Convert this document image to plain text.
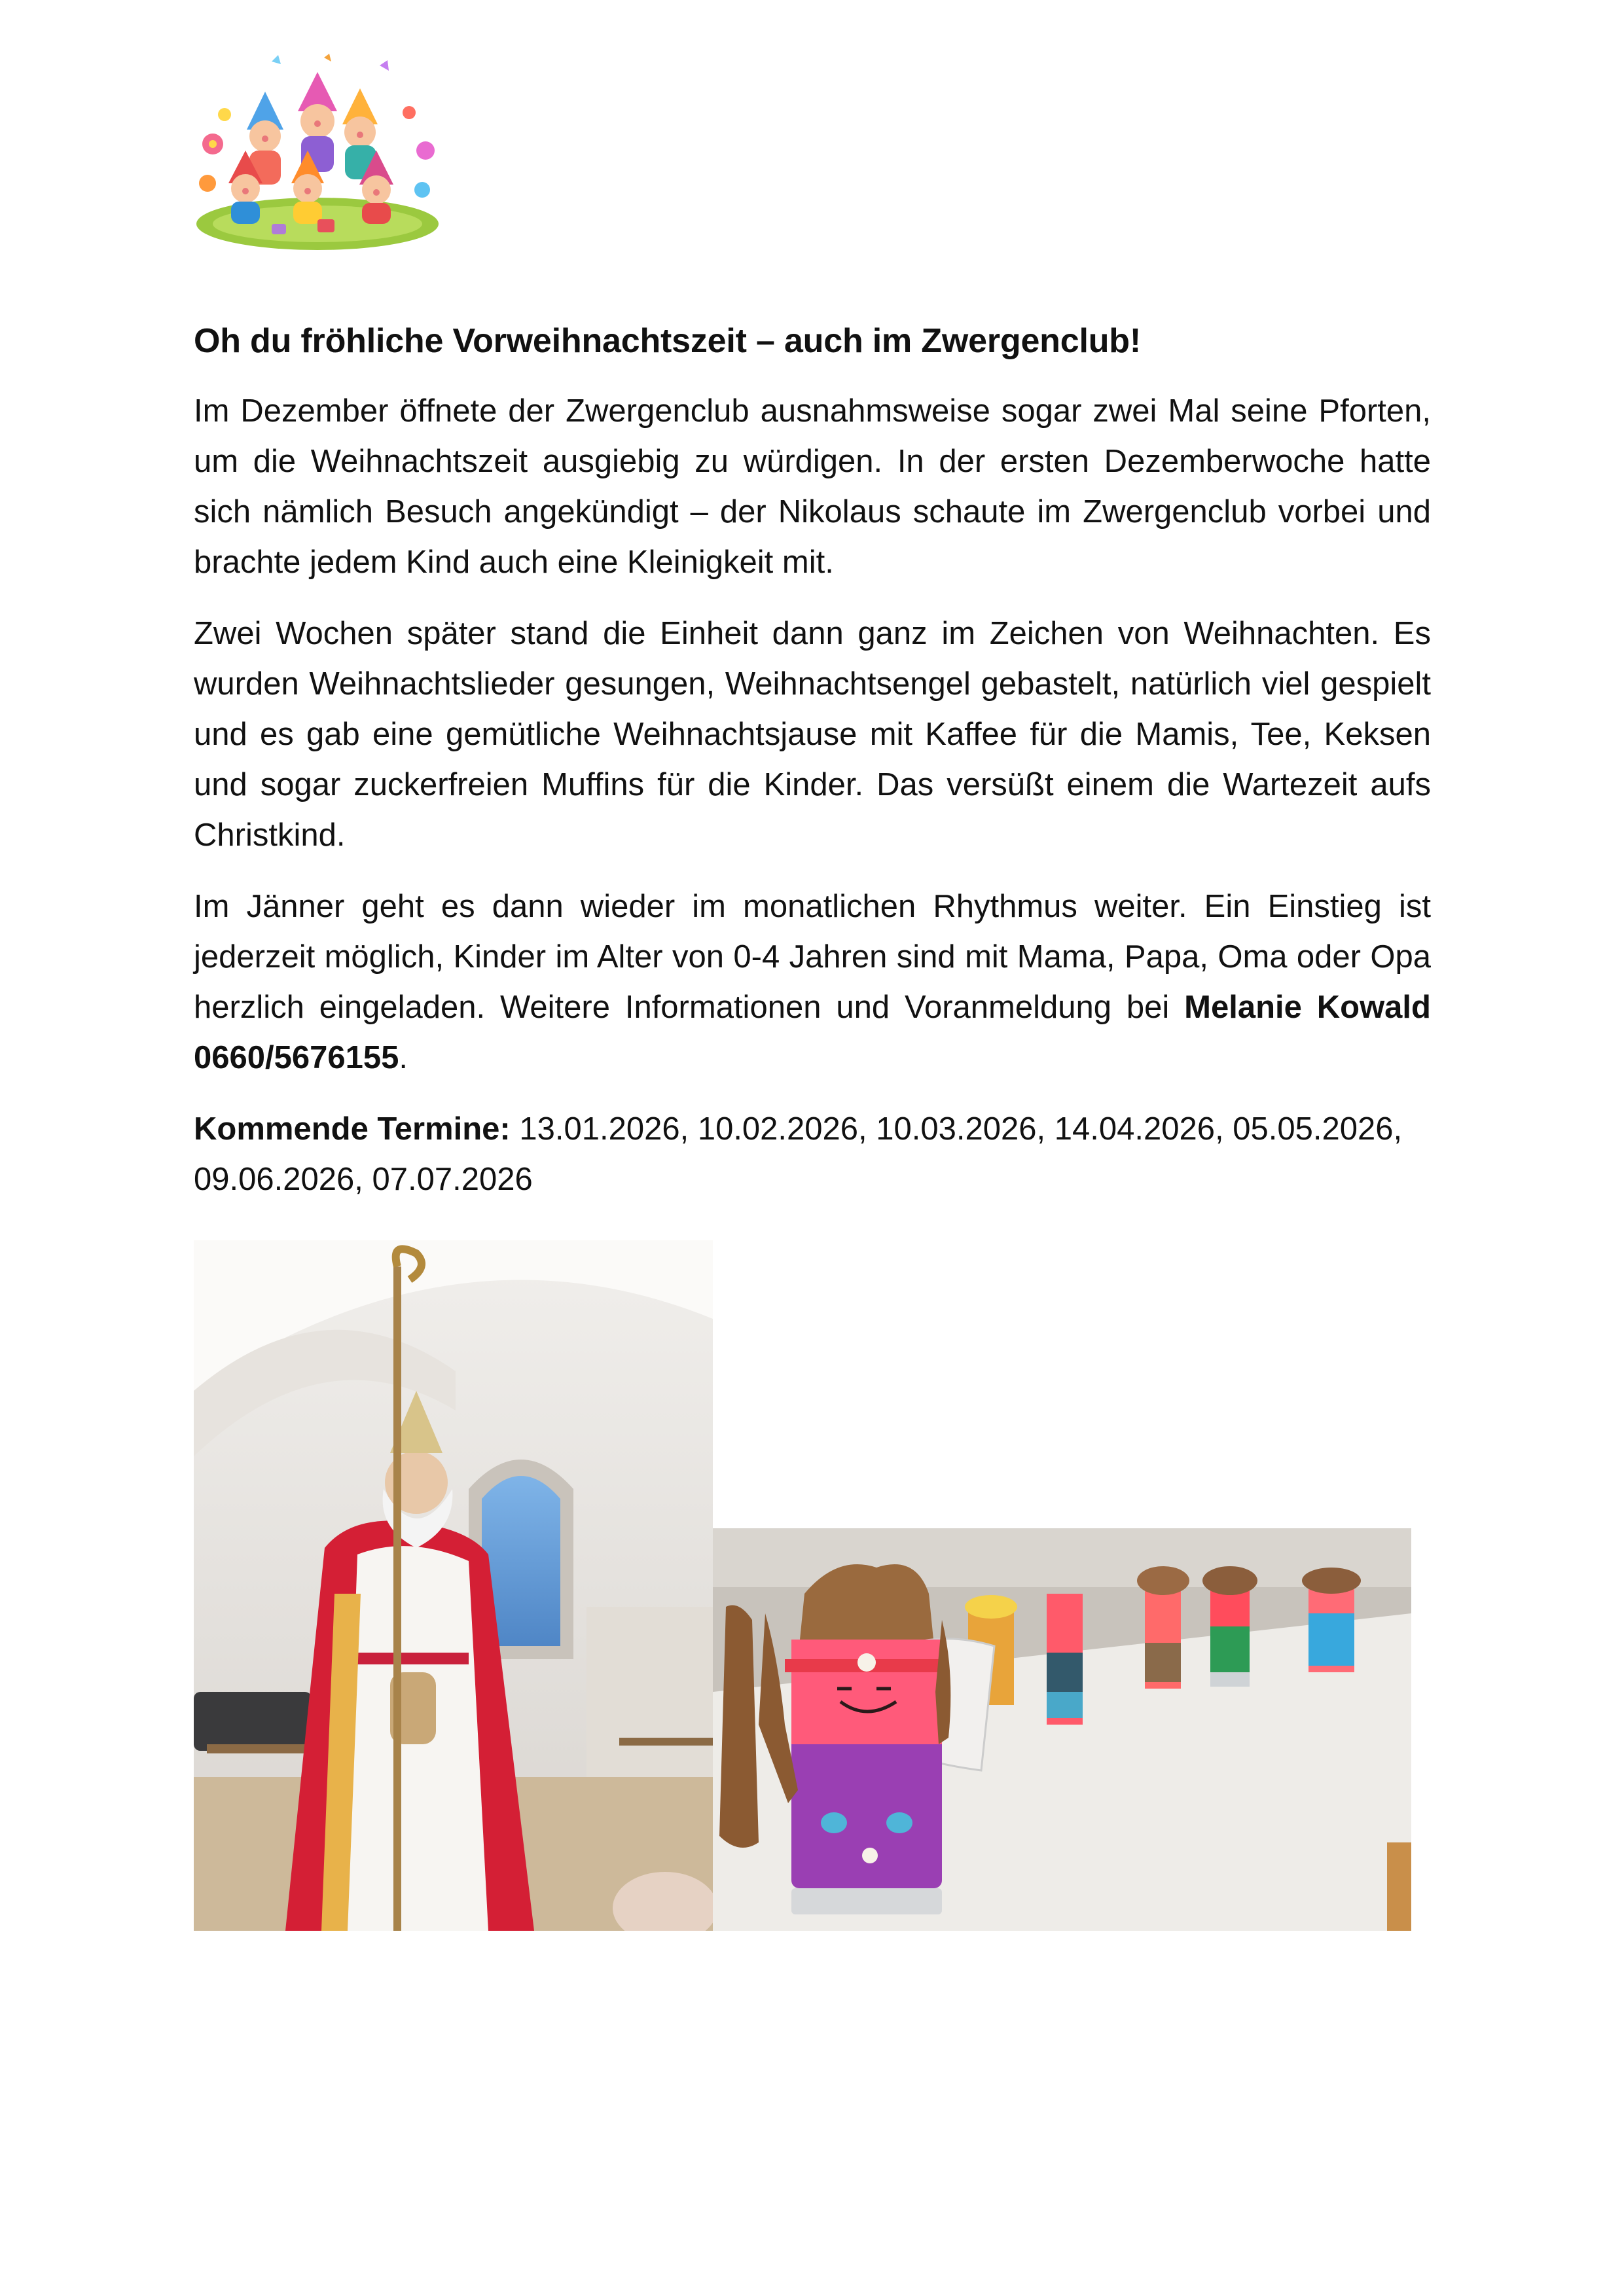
Oh du fröhliche Vorweihnachtszeit – auch im Zwergenclub!

Im Dezember öffnete der Zwergenclub ausnahmsweise sogar zwei Mal seine Pforten, um die Weihnachtszeit ausgiebig zu würdigen. In der ersten Dezemberwoche hatte sich nämlich Besuch angekündigt – der Nikolaus schaute im Zwergenclub vorbei und brachte jedem Kind auch eine Kleinigkeit mit.

Zwei Wochen später stand die Einheit dann ganz im Zeichen von Weihnachten. Es wurden Weihnachtslieder gesungen, Weihnachtsengel gebastelt, natürlich viel gespielt und es gab eine gemütliche Weihnachtsjause mit Kaffee für die Mamis, Tee, Keksen und sogar zuckerfreien Muffins für die Kinder. Das versüßt einem die Wartezeit aufs Christkind.

Im Jänner geht es dann wieder im monatlichen Rhythmus weiter. Ein Einstieg ist jederzeit möglich, Kinder im Alter von 0-4 Jahren sind mit Mama, Papa, Oma oder Opa herzlich eingeladen. Weitere Informationen und Voranmeldung bei Melanie Kowald 0660/5676155.

Kommende Termine: 13.01.2026, 10.02.2026, 10.03.2026, 14.04.2026, 05.05.2026, 09.06.2026, 07.07.2026
